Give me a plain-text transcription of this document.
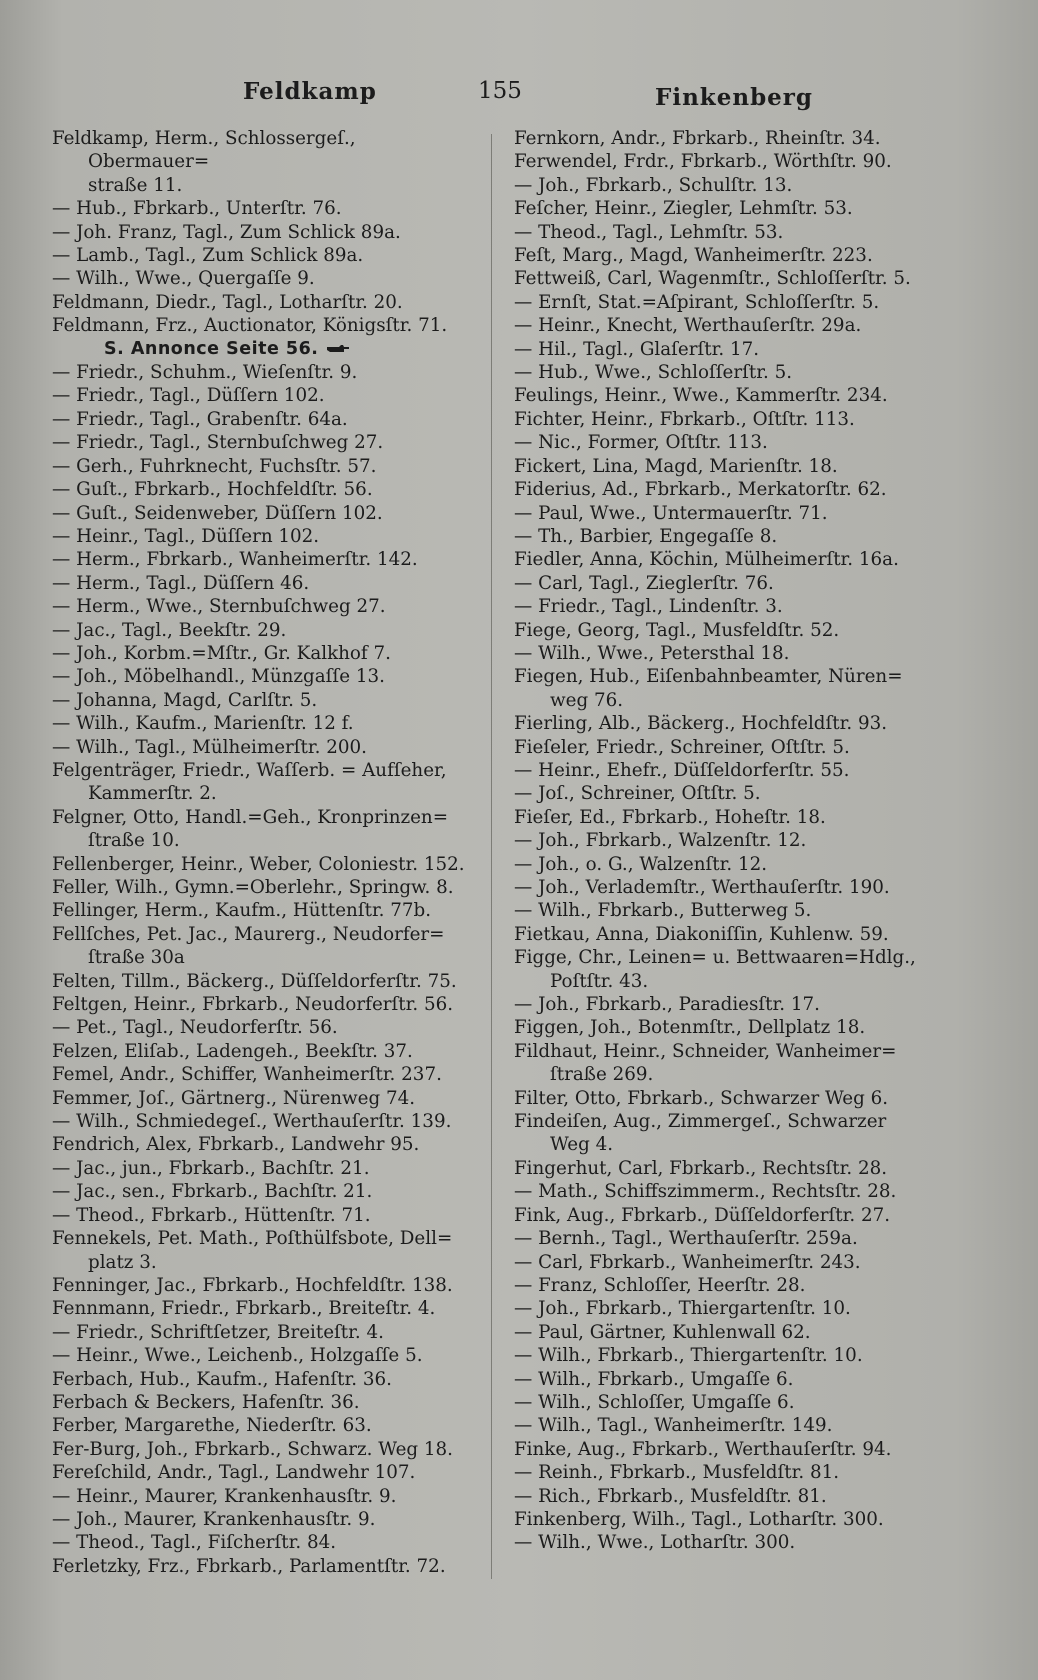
Feldkamp	155	Finkenberg
Feldkamp, Herm., Schlossergeſ., Obermauer=
straße 11.
— Hub., Fbrkarb., Unterſtr. 76.
— Joh. Franz, Tagl., Zum Schlick 89a.
— Lamb., Tagl., Zum Schlick 89a.
— Wilh., Wwe., Quergaſſe 9.
Feldmann, Diedr., Tagl., Lotharſtr. 20.
Feldmann, Frz., Auctionator, Königsſtr. 71.
S. Annonce Seite 56.
— Friedr., Schuhm., Wieſenſtr. 9.
— Friedr., Tagl., Düſſern 102.
— Friedr., Tagl., Grabenſtr. 64a.
— Friedr., Tagl., Sternbuſchweg 27.
— Gerh., Fuhrknecht, Fuchsſtr. 57.
— Guſt., Fbrkarb., Hochfeldſtr. 56.
— Guſt., Seidenweber, Düſſern 102.
— Heinr., Tagl., Düſſern 102.
— Herm., Fbrkarb., Wanheimerſtr. 142.
— Herm., Tagl., Düſſern 46.
— Herm., Wwe., Sternbuſchweg 27.
— Jac., Tagl., Beekſtr. 29.
— Joh., Korbm.=Mſtr., Gr. Kalkhof 7.
— Joh., Möbelhandl., Münzgaſſe 13.
— Johanna, Magd, Carlſtr. 5.
— Wilh., Kaufm., Marienſtr. 12 f.
— Wilh., Tagl., Mülheimerſtr. 200.
Felgenträger, Friedr., Waſſerb. = Aufſeher,
Kammerſtr. 2.
Felgner, Otto, Handl.=Geh., Kronprinzen=
ſtraße 10.
Fellenberger, Heinr., Weber, Coloniestr. 152.
Feller, Wilh., Gymn.=Oberlehr., Springw. 8.
Fellinger, Herm., Kaufm., Hüttenſtr. 77b.
Fellſches, Pet. Jac., Maurerg., Neudorfer=
ſtraße 30a
Felten, Tillm., Bäckerg., Düſſeldorferſtr. 75.
Feltgen, Heinr., Fbrkarb., Neudorferſtr. 56.
— Pet., Tagl., Neudorferſtr. 56.
Felzen, Eliſab., Ladengeh., Beekſtr. 37.
Femel, Andr., Schiffer, Wanheimerſtr. 237.
Femmer, Joſ., Gärtnerg., Nürenweg 74.
— Wilh., Schmiedegeſ., Werthauſerſtr. 139.
Fendrich, Alex, Fbrkarb., Landwehr 95.
— Jac., jun., Fbrkarb., Bachſtr. 21.
— Jac., sen., Fbrkarb., Bachſtr. 21.
— Theod., Fbrkarb., Hüttenſtr. 71.
Fennekels, Pet. Math., Poſthülfsbote, Dell=
platz 3.
Fenninger, Jac., Fbrkarb., Hochfeldſtr. 138.
Fennmann, Friedr., Fbrkarb., Breiteſtr. 4.
— Friedr., Schriftſetzer, Breiteſtr. 4.
— Heinr., Wwe., Leichenb., Holzgaſſe 5.
Ferbach, Hub., Kaufm., Hafenſtr. 36.
Ferbach & Beckers, Hafenſtr. 36.
Ferber, Margarethe, Niederſtr. 63.
Fer-Burg, Joh., Fbrkarb., Schwarz. Weg 18.
Fereſchild, Andr., Tagl., Landwehr 107.
— Heinr., Maurer, Krankenhausſtr. 9.
— Joh., Maurer, Krankenhausſtr. 9.
— Theod., Tagl., Fiſcherſtr. 84.
Ferletzky, Frz., Fbrkarb., Parlamentſtr. 72.
Fernkorn, Andr., Fbrkarb., Rheinſtr. 34.
Ferwendel, Frdr., Fbrkarb., Wörthſtr. 90.
— Joh., Fbrkarb., Schulſtr. 13.
Feſcher, Heinr., Ziegler, Lehmſtr. 53.
— Theod., Tagl., Lehmſtr. 53.
Feſt, Marg., Magd, Wanheimerſtr. 223.
Fettweiß, Carl, Wagenmſtr., Schloſſerſtr. 5.
— Ernſt, Stat.=Aſpirant, Schloſſerſtr. 5.
— Heinr., Knecht, Werthauſerſtr. 29a.
— Hil., Tagl., Glaſerſtr. 17.
— Hub., Wwe., Schloſſerſtr. 5.
Feulings, Heinr., Wwe., Kammerſtr. 234.
Fichter, Heinr., Fbrkarb., Oſtſtr. 113.
— Nic., Former, Oſtſtr. 113.
Fickert, Lina, Magd, Marienſtr. 18.
Fiderius, Ad., Fbrkarb., Merkatorſtr. 62.
— Paul, Wwe., Untermauerſtr. 71.
— Th., Barbier, Engegaſſe 8.
Fiedler, Anna, Köchin, Mülheimerſtr. 16a.
— Carl, Tagl., Zieglerſtr. 76.
— Friedr., Tagl., Lindenſtr. 3.
Fiege, Georg, Tagl., Musfeldſtr. 52.
— Wilh., Wwe., Petersthal 18.
Fiegen, Hub., Eiſenbahnbeamter, Nüren=
weg 76.
Fierling, Alb., Bäckerg., Hochfeldſtr. 93.
Fieſeler, Friedr., Schreiner, Oſtſtr. 5.
— Heinr., Ehefr., Düſſeldorferſtr. 55.
— Joſ., Schreiner, Oſtſtr. 5.
Fieſer, Ed., Fbrkarb., Hoheſtr. 18.
— Joh., Fbrkarb., Walzenſtr. 12.
— Joh., o. G., Walzenſtr. 12.
— Joh., Verlademſtr., Werthauſerſtr. 190.
— Wilh., Fbrkarb., Butterweg 5.
Fietkau, Anna, Diakoniſſin, Kuhlenw. 59.
Figge, Chr., Leinen= u. Bettwaaren=Hdlg.,
Poſtſtr. 43.
— Joh., Fbrkarb., Paradiesſtr. 17.
Figgen, Joh., Botenmſtr., Dellplatz 18.
Fildhaut, Heinr., Schneider, Wanheimer=
ſtraße 269.
Filter, Otto, Fbrkarb., Schwarzer Weg 6.
Findeiſen, Aug., Zimmergeſ., Schwarzer
Weg 4.
Fingerhut, Carl, Fbrkarb., Rechtsſtr. 28.
— Math., Schiffszimmerm., Rechtsſtr. 28.
Fink, Aug., Fbrkarb., Düſſeldorferſtr. 27.
— Bernh., Tagl., Werthauſerſtr. 259a.
— Carl, Fbrkarb., Wanheimerſtr. 243.
— Franz, Schloſſer, Heerſtr. 28.
— Joh., Fbrkarb., Thiergartenſtr. 10.
— Paul, Gärtner, Kuhlenwall 62.
— Wilh., Fbrkarb., Thiergartenſtr. 10.
— Wilh., Fbrkarb., Umgaſſe 6.
— Wilh., Schloſſer, Umgaſſe 6.
— Wilh., Tagl., Wanheimerſtr. 149.
Finke, Aug., Fbrkarb., Werthauſerſtr. 94.
— Reinh., Fbrkarb., Musfeldſtr. 81.
— Rich., Fbrkarb., Musfeldſtr. 81.
Finkenberg, Wilh., Tagl., Lotharſtr. 300.
— Wilh., Wwe., Lotharſtr. 300.
